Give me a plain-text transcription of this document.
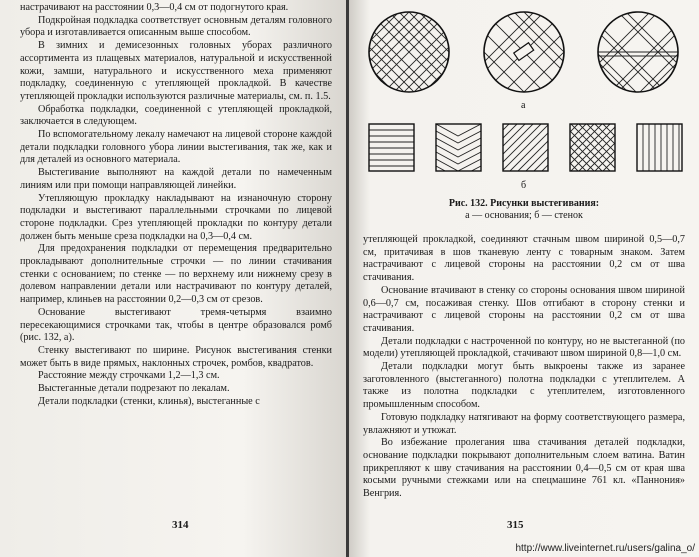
настрачивают на расстоянии 0,3—0,4 см от подогнутого края.

Подкройная подкладка соответствует основным деталям головного убора и изготавливается описанным выше способом.

В зимних и демисезонных головных уборах различного ассортимента из плащевых материалов, натуральной и искусственной кожи, замши, натурального и искусственного меха применяют подкладку, соединенную с утепляющей прокладкой. В качестве утепляющей прокладки используются различные материалы, см. п. 1.5.

Обработка подкладки, соединенной с утепляющей прокладкой, заключается в следующем.

По вспомогательному лекалу намечают на лицевой стороне каждой детали подкладки головного убора линии выстегивания, так же, как и для деталей из основного материала.

Выстегивание выполняют на каждой детали по намеченным линиям или при помощи направляющей линейки.

Утепляющую прокладку накладывают на изнаночную сторону подкладки и выстегивают параллельными строчками по лицевой стороне подкладки. Срез утепляющей прокладки по контуру детали должен быть меньше среза подкладки на 0,3—0,4 см.

Для предохранения подкладки от перемещения предварительно прокладывают дополнительные строчки — по линии стачивания стенки с основанием; по стенке — по верхнему или нижнему срезу в долевом направлении детали или настрачивают по контуру деталей, например, клиньев на расстоянии 0,2—0,3 см от срезов.

Основание выстегивают тремя-четырмя взаимно пересекающимися строчками так, чтобы в центре образовался ромб (рис. 132, а).

Стенку выстегивают по ширине. Рисунок выстегивания стенки может быть в виде прямых, наклонных строчек, ромбов, квадратов.

Расстояние между строчками 1,2—1,3 см.

Выстеганные детали подрезают по лекалам.

Детали подкладки (стенки, клинья), выстеганные с

314
а
б
Рис. 132. Рисунки выстегивания:
а — основания; б — стенок

утепляющей прокладкой, соединяют стачным швом шириной 0,5—0,7 см, притачивая в шов тканевую ленту с товарным знаком. Затем настрачивают с лицевой стороны на расстоянии 0,2 см от шва стачивания.

Основание втачивают в стенку со стороны основания швом шириной 0,6—0,7 см, посаживая стенку. Шов отгибают в сторону стенки и настрачивают с лицевой стороны на расстоянии 0,2 см от шва стачивания.

Детали подкладки с настроченной по контуру, но не выстеганной (по модели) утепляющей прокладкой, стачивают швом шириной 0,8—1,0 см.

Детали подкладки могут быть выкроены также из заранее заготовленного (выстеганного) полотна подкладки с утеплителем. А также из полотна подкладки с утеплителем, изготовленного промышленным способом.

Готовую подкладку натягивают на форму соответствующего размера, увлажняют и утюжат.

Во избежание пролегания шва стачивания деталей подкладки, основание подкладки покрывают дополнительным слоем ватина. Ватин прикрепляют к шву стачивания на расстоянии 0,4—0,5 см от края шва косыми ручными стежками или на спецмашине 761 кл. «Паннония» Венгрия.

315
http://www.liveinternet.ru/users/galina_o/
